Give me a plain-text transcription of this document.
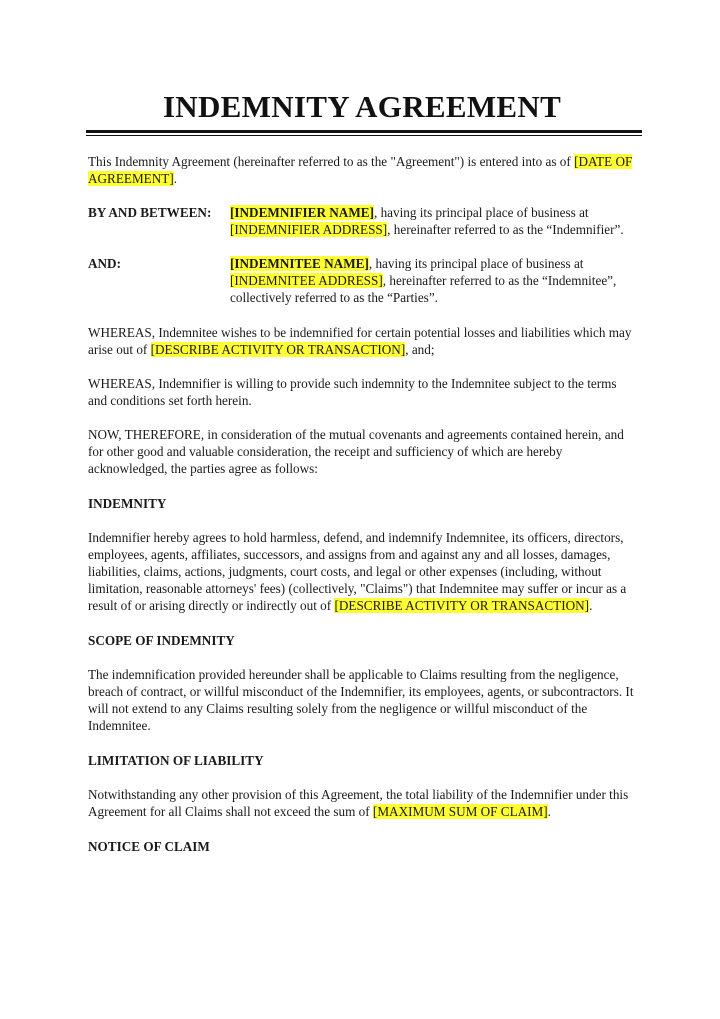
INDEMNITY AGREEMENT

This Indemnity Agreement (hereinafter referred to as the "Agreement") is entered into as of [DATE OF AGREEMENT].

BY AND BETWEEN:	[INDEMNIFIER NAME], having its principal place of business at [INDEMNIFIER ADDRESS], hereinafter referred to as the “Indemnifier”.
AND:	[INDEMNITEE NAME], having its principal place of business at [INDEMNITEE ADDRESS], hereinafter referred to as the “Indemnitee”, collectively referred to as the “Parties”.

WHEREAS, Indemnitee wishes to be indemnified for certain potential losses and liabilities which may arise out of [DESCRIBE ACTIVITY OR TRANSACTION], and;

WHEREAS, Indemnifier is willing to provide such indemnity to the Indemnitee subject to the terms and conditions set forth herein.

NOW, THEREFORE, in consideration of the mutual covenants and agreements contained herein, and for other good and valuable consideration, the receipt and sufficiency of which are hereby acknowledged, the parties agree as follows:

INDEMNITY

Indemnifier hereby agrees to hold harmless, defend, and indemnify Indemnitee, its officers, directors, employees, agents, affiliates, successors, and assigns from and against any and all losses, damages, liabilities, claims, actions, judgments, court costs, and legal or other expenses (including, without limitation, reasonable attorneys' fees) (collectively, "Claims") that Indemnitee may suffer or incur as a result of or arising directly or indirectly out of [DESCRIBE ACTIVITY OR TRANSACTION].

SCOPE OF INDEMNITY

The indemnification provided hereunder shall be applicable to Claims resulting from the negligence, breach of contract, or willful misconduct of the Indemnifier, its employees, agents, or subcontractors. It will not extend to any Claims resulting solely from the negligence or willful misconduct of the Indemnitee.

LIMITATION OF LIABILITY

Notwithstanding any other provision of this Agreement, the total liability of the Indemnifier under this Agreement for all Claims shall not exceed the sum of [MAXIMUM SUM OF CLAIM].

NOTICE OF CLAIM
